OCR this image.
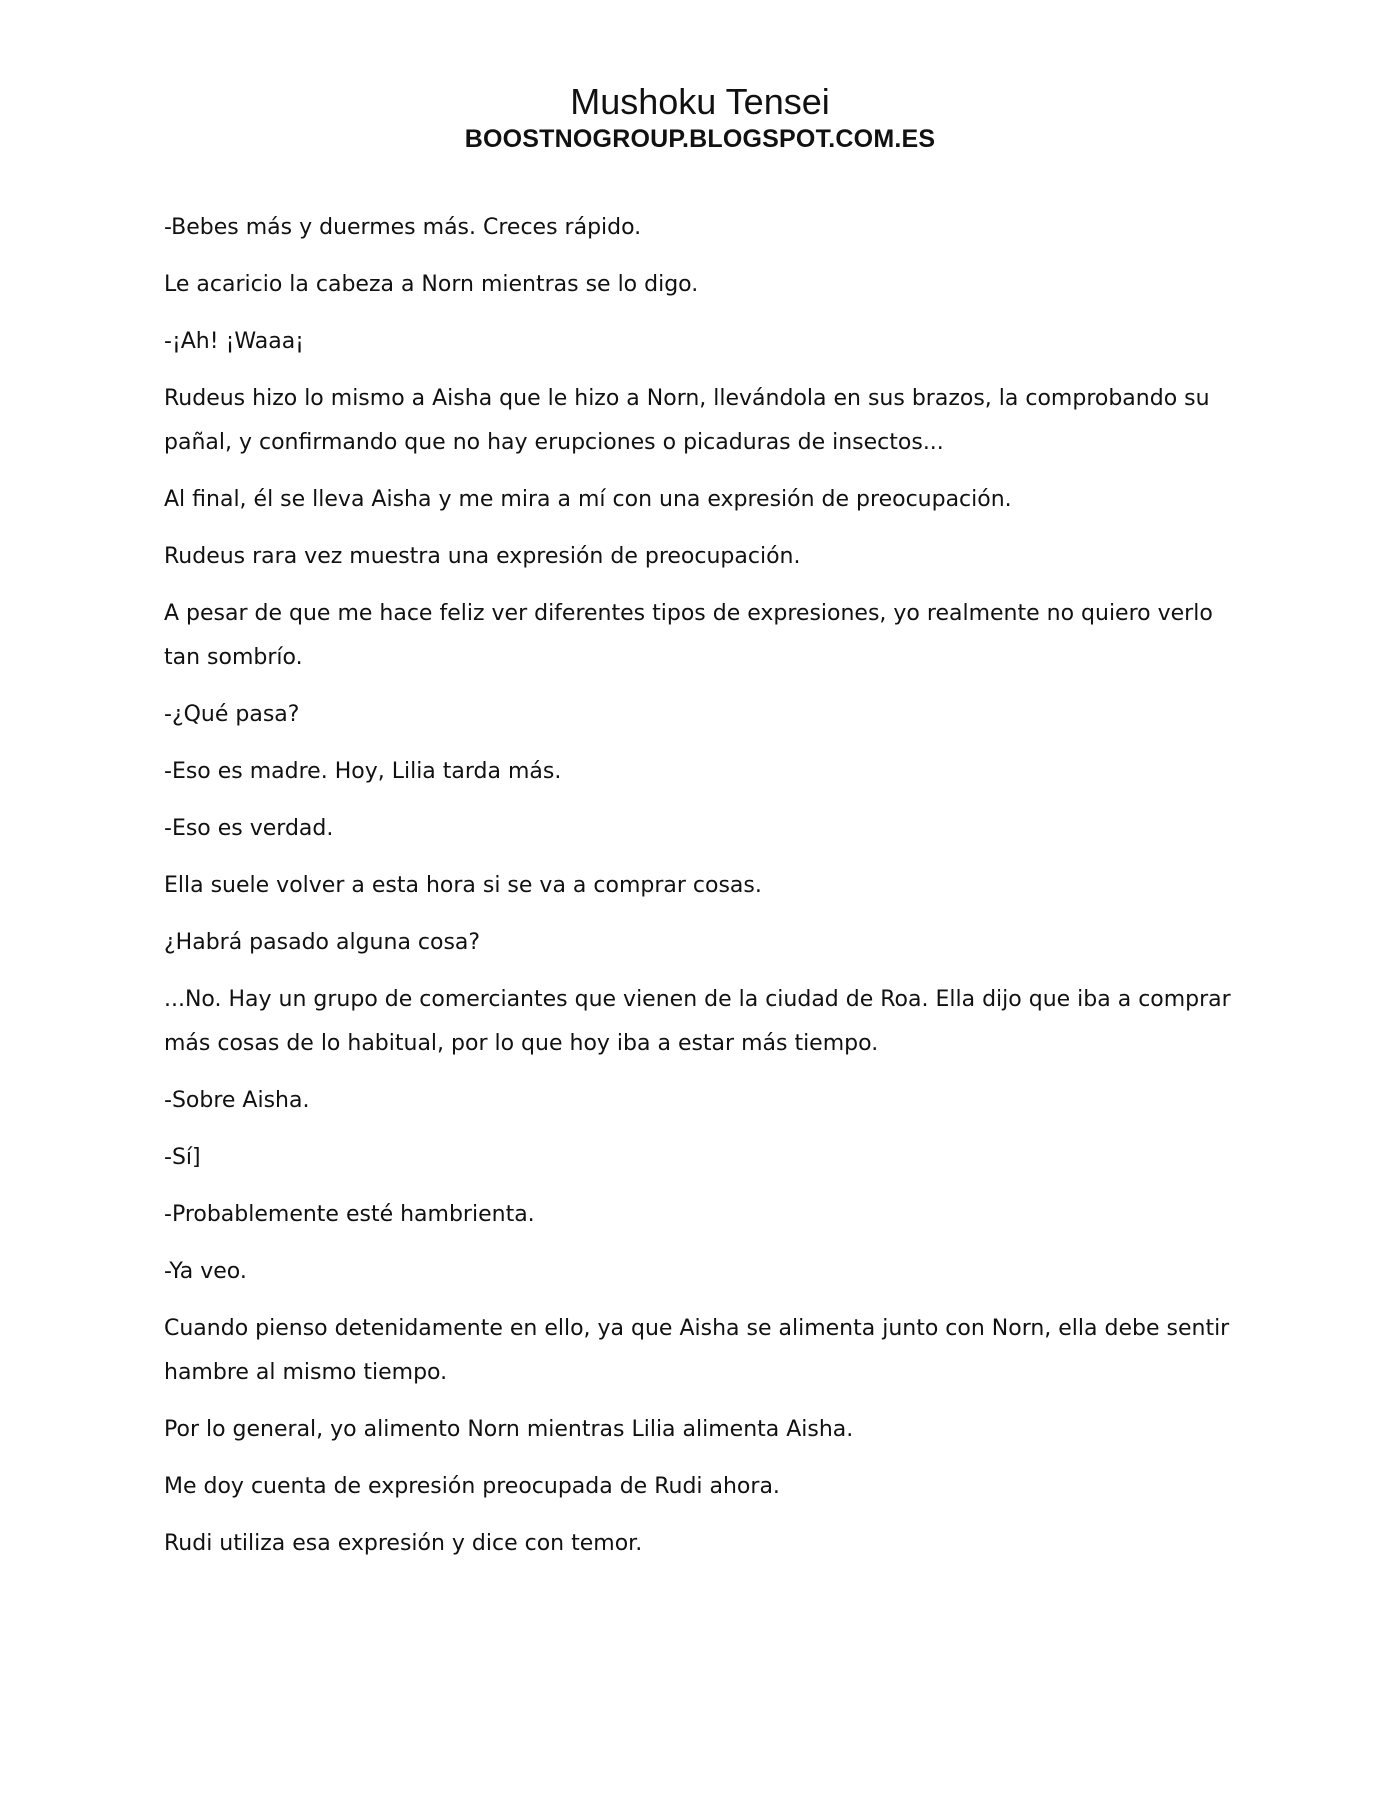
Mushoku Tensei
BOOSTNOGROUP.BLOGSPOT.COM.ES

-Bebes más y duermes más. Creces rápido.

Le acaricio la cabeza a Norn mientras se lo digo.

-¡Ah! ¡Waaa¡

Rudeus hizo lo mismo a Aisha que le hizo a Norn, llevándola en sus brazos, la comprobando su pañal, y confirmando que no hay erupciones o picaduras de insectos...

Al final, él se lleva Aisha y me mira a mí con una expresión de preocupación.

Rudeus rara vez muestra una expresión de preocupación.

A pesar de que me hace feliz ver diferentes tipos de expresiones, yo realmente no quiero verlo tan sombrío.

-¿Qué pasa?

-Eso es madre. Hoy, Lilia tarda más.

-Eso es verdad.

Ella suele volver a esta hora si se va a comprar cosas.

¿Habrá pasado alguna cosa?

...No. Hay un grupo de comerciantes que vienen de la ciudad de Roa. Ella dijo que iba a comprar más cosas de lo habitual, por lo que hoy iba a estar más tiempo.

-Sobre Aisha.

-Sí]

-Probablemente esté hambrienta.

-Ya veo.

Cuando pienso detenidamente en ello, ya que Aisha se alimenta junto con Norn, ella debe sentir hambre al mismo tiempo.

Por lo general, yo alimento Norn mientras Lilia alimenta Aisha.

Me doy cuenta de expresión preocupada de Rudi ahora.

Rudi utiliza esa expresión y dice con temor.
